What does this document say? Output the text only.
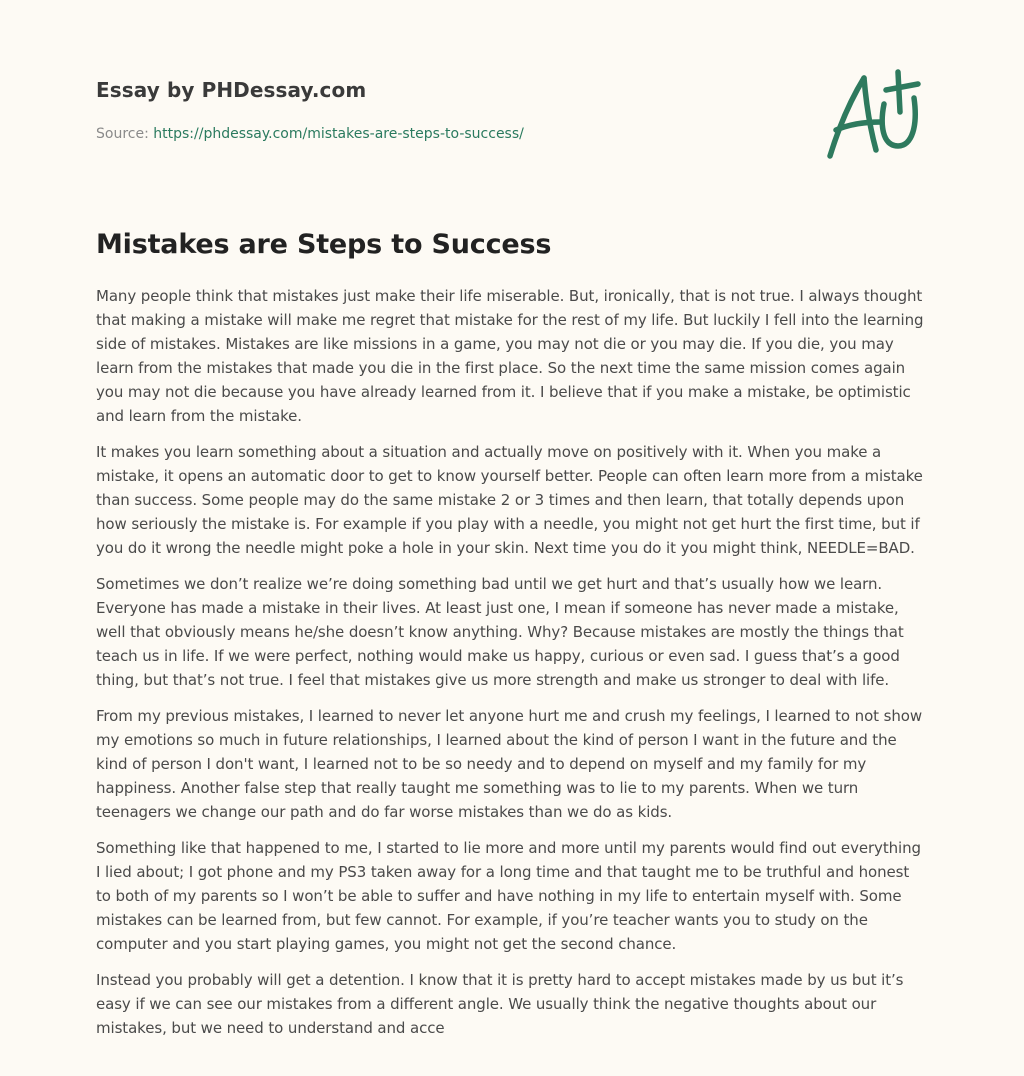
Essay by PHDessay.com
Source: https://phdessay.com/mistakes-are-steps-to-success/
Mistakes are Steps to Success

Many people think that mistakes just make their life miserable. But, ironically, that is not true. I always thought that making a mistake will make me regret that mistake for the rest of my life. But luckily I fell into the learning side of mistakes. Mistakes are like missions in a game, you may not die or you may die. If you die, you may learn from the mistakes that made you die in the first place. So the next time the same mission comes again you may not die because you have already learned from it. I believe that if you make a mistake, be optimistic and learn from the mistake.

It makes you learn something about a situation and actually move on positively with it. When you make a mistake, it opens an automatic door to get to know yourself better. People can often learn more from a mistake than success. Some people may do the same mistake 2 or 3 times and then learn, that totally depends upon how seriously the mistake is. For example if you play with a needle, you might not get hurt the first time, but if you do it wrong the needle might poke a hole in your skin. Next time you do it you might think, NEEDLE=BAD.

Sometimes we don’t realize we’re doing something bad until we get hurt and that’s usually how we learn. Everyone has made a mistake in their lives. At least just one, I mean if someone has never made a mistake, well that obviously means he/she doesn’t know anything. Why? Because mistakes are mostly the things that teach us in life. If we were perfect, nothing would make us happy, curious or even sad. I guess that’s a good thing, but that’s not true. I feel that mistakes give us more strength and make us stronger to deal with life.

From my previous mistakes, I learned to never let anyone hurt me and crush my feelings, I learned to not show my emotions so much in future relationships, I learned about the kind of person I want in the future and the kind of person I don't want, I learned not to be so needy and to depend on myself and my family for my happiness. Another false step that really taught me something was to lie to my parents. When we turn teenagers we change our path and do far worse mistakes than we do as kids.

Something like that happened to me, I started to lie more and more until my parents would find out everything I lied about; I got phone and my PS3 taken away for a long time and that taught me to be truthful and honest to both of my parents so I won’t be able to suffer and have nothing in my life to entertain myself with. Some mistakes can be learned from, but few cannot. For example, if you’re teacher wants you to study on the computer and you start playing games, you might not get the second chance.

Instead you probably will get a detention. I know that it is pretty hard to accept mistakes made by us but it’s easy if we can see our mistakes from a different angle. We usually think the negative thoughts about our mistakes, but we need to understand and acce
